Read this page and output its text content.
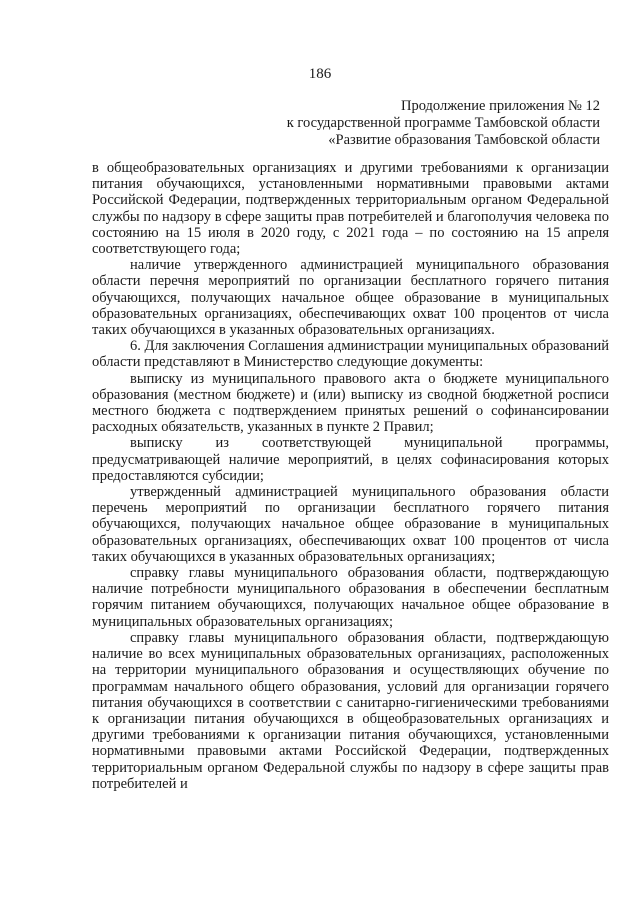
186
Продолжение приложения № 12
к государственной программе Тамбовской области
«Развитие образования Тамбовской области

в общеобразовательных организациях и другими требованиями к организации питания обучающихся, установленными нормативными правовыми актами Российской Федерации, подтвержденных территориальным органом Федеральной службы по надзору в сфере защиты прав потребителей и благополучия человека по состоянию на 15 июля в 2020 году, с 2021 года – по состоянию на 15 апреля соответствующего года;

наличие утвержденного администрацией муниципального образования области перечня мероприятий по организации бесплатного горячего питания обучающихся, получающих начальное общее образование в муниципальных образовательных организациях, обеспечивающих охват 100 процентов от числа таких обучающихся в указанных образовательных организациях.

6. Для заключения Соглашения администрации муниципальных образований области представляют в Министерство следующие документы:

выписку из муниципального правового акта о бюджете муниципального образования (местном бюджете) и (или) выписку из сводной бюджетной росписи местного бюджета с подтверждением принятых решений о софинансировании расходных обязательств, указанных в пункте 2 Правил;

выписку из соответствующей муниципальной программы, предусматривающей наличие мероприятий, в целях софинасирования которых предоставляются субсидии;

утвержденный администрацией муниципального образования области перечень мероприятий по организации бесплатного горячего питания обучающихся, получающих начальное общее образование в муниципальных образовательных организациях, обеспечивающих охват 100 процентов от числа таких обучающихся в указанных образовательных организациях;

справку главы муниципального образования области, подтверждающую наличие потребности муниципального образования в обеспечении бесплатным горячим питанием обучающихся, получающих начальное общее образование в муниципальных образовательных организациях;

справку главы муниципального образования области, подтверждающую наличие во всех муниципальных образовательных организациях, расположенных на территории муниципального образования и осуществляющих обучение по программам начального общего образования, условий для организации горячего питания обучающихся в соответствии с санитарно-гигиеническими требованиями к организации питания обучающихся в общеобразовательных организациях и другими требованиями к организации питания обучающихся, установленными нормативными правовыми актами Российской Федерации, подтвержденных территориальным органом Федеральной службы по надзору в сфере защиты прав потребителей и
